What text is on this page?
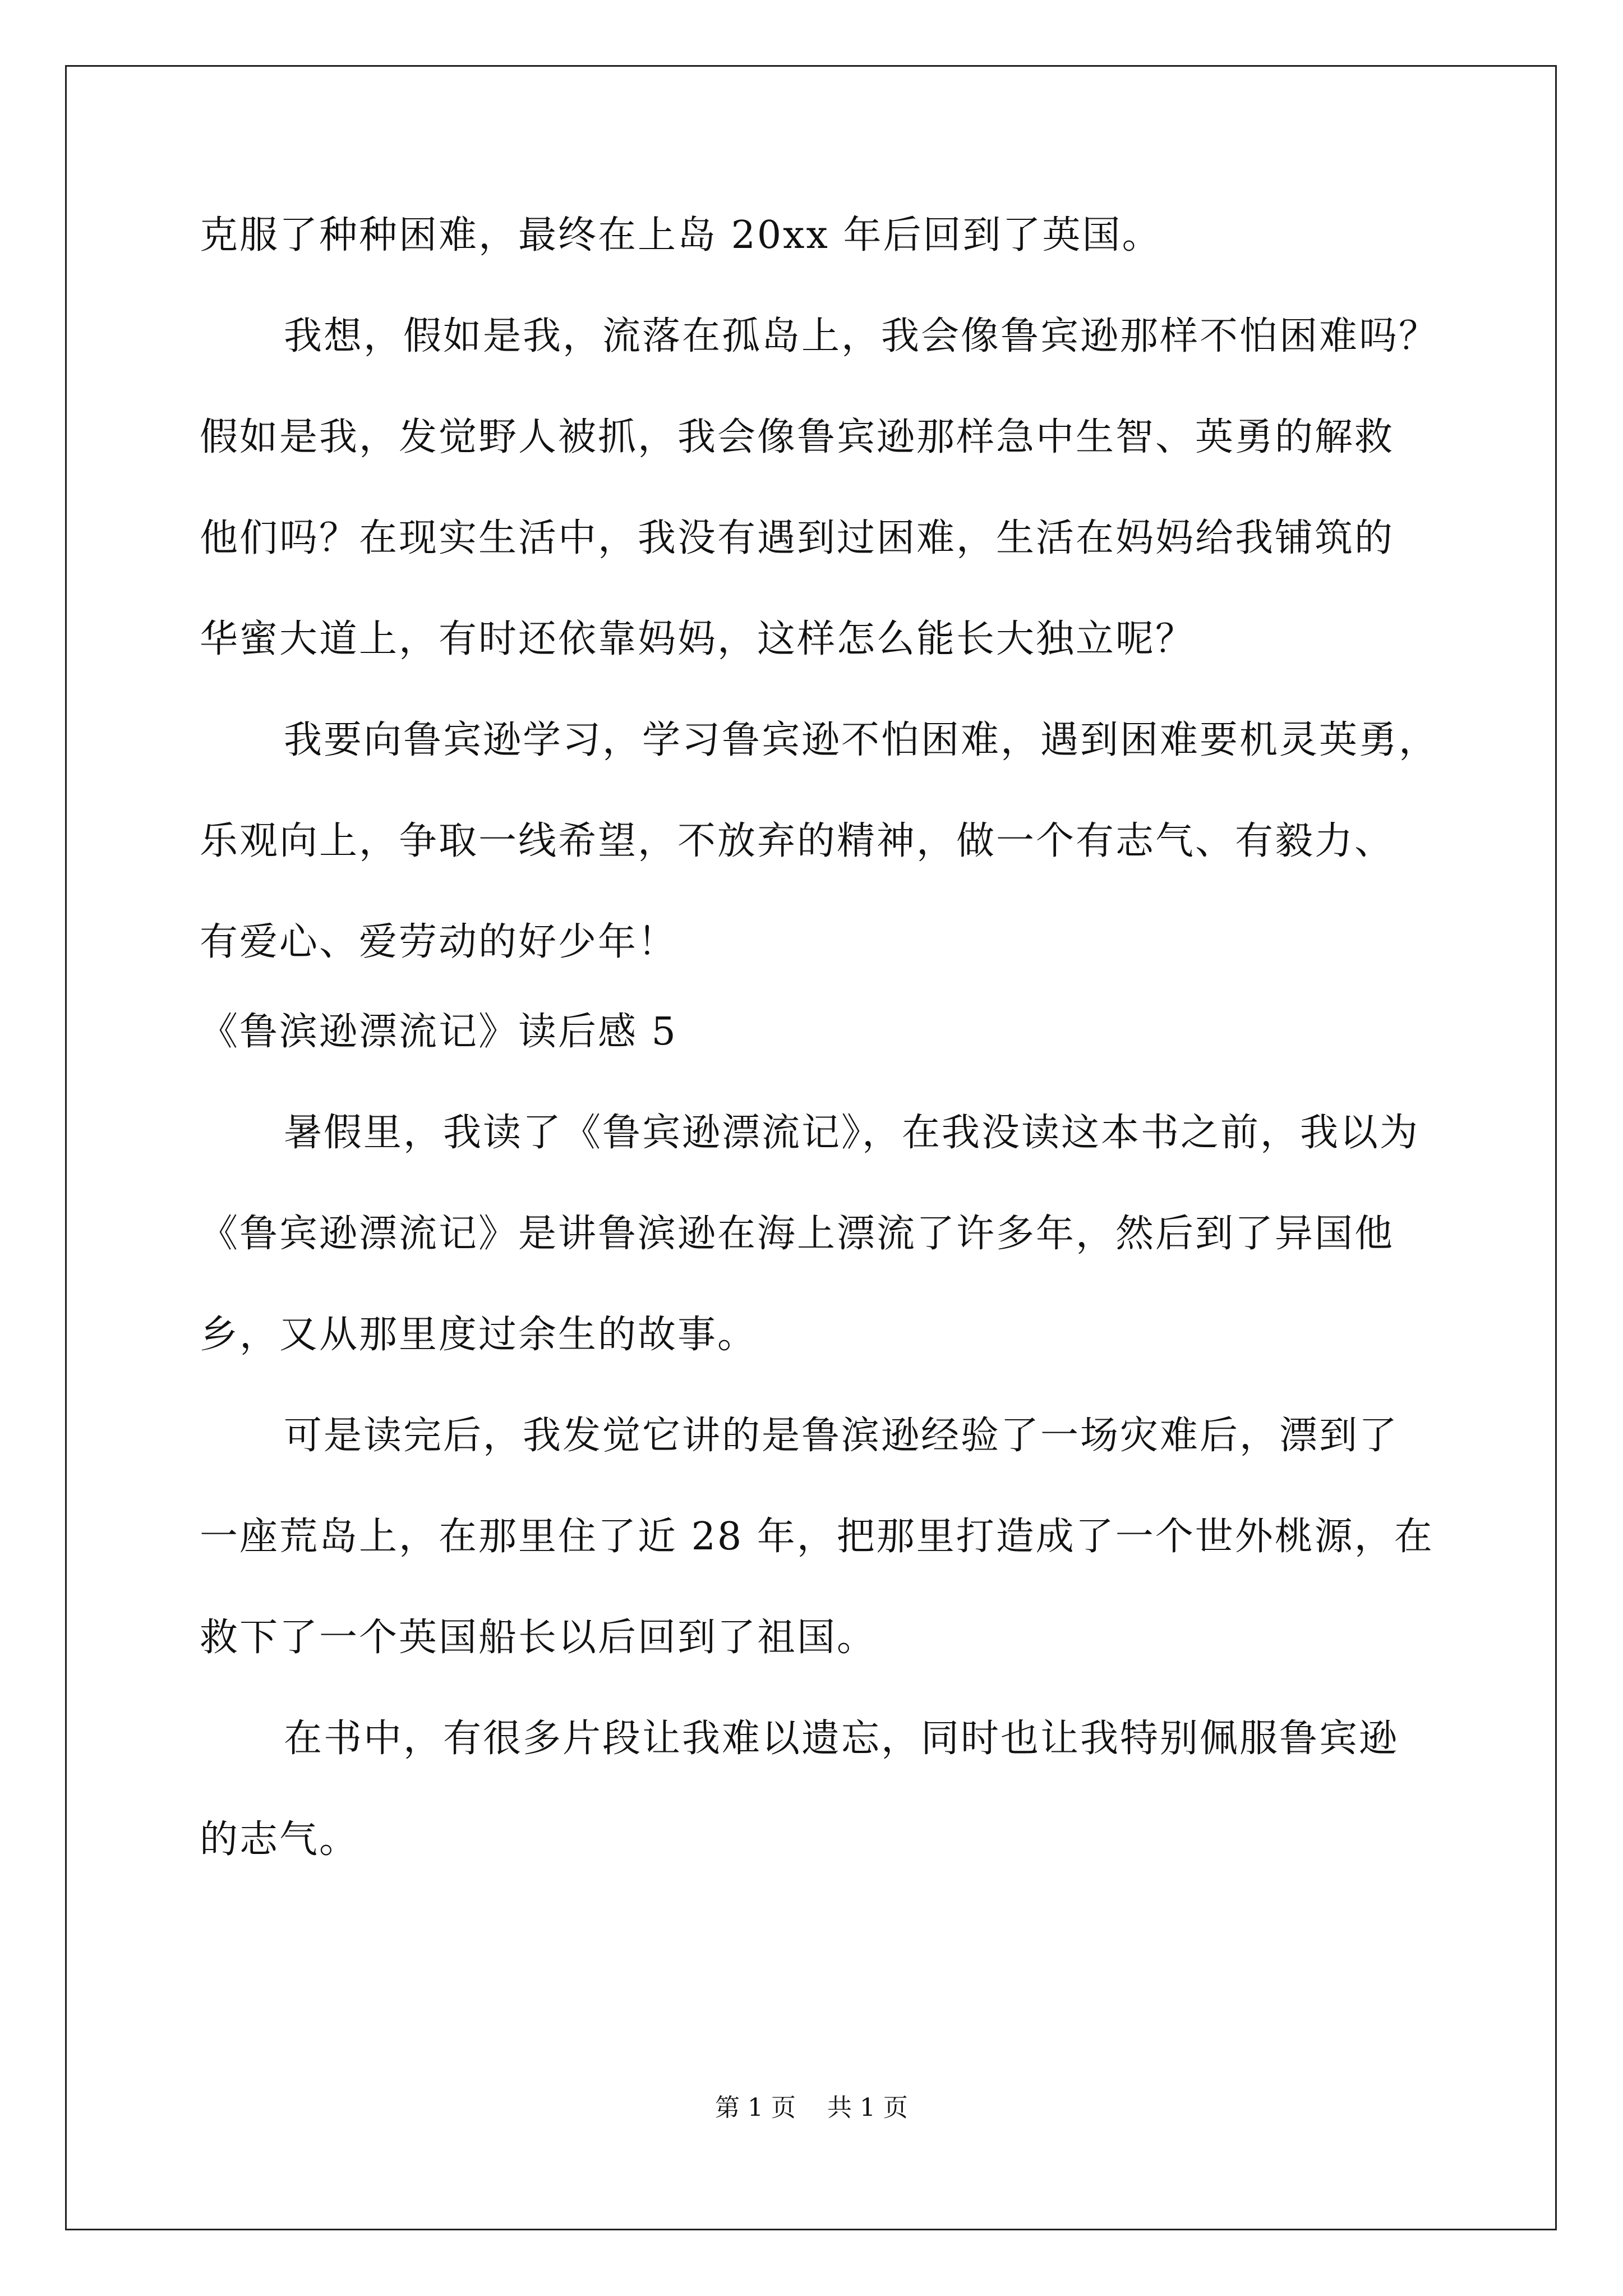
克服了种种困难，最终在上岛 20xx 年后回到了英国。
我想，假如是我，流落在孤岛上，我会像鲁宾逊那样不怕困难吗？
假如是我，发觉野人被抓，我会像鲁宾逊那样急中生智、英勇的解救
他们吗？在现实生活中，我没有遇到过困难，生活在妈妈给我铺筑的
华蜜大道上，有时还依靠妈妈，这样怎么能长大独立呢？
我要向鲁宾逊学习，学习鲁宾逊不怕困难，遇到困难要机灵英勇，
乐观向上，争取一线希望，不放弃的精神，做一个有志气、有毅力、
有爱心、爱劳动的好少年！
《鲁滨逊漂流记》读后感 5
暑假里，我读了《鲁宾逊漂流记》，在我没读这本书之前，我以为
《鲁宾逊漂流记》是讲鲁滨逊在海上漂流了许多年，然后到了异国他
乡，又从那里度过余生的故事。
可是读完后，我发觉它讲的是鲁滨逊经验了一场灾难后，漂到了
一座荒岛上，在那里住了近 28 年，把那里打造成了一个世外桃源，在
救下了一个英国船长以后回到了祖国。
在书中，有很多片段让我难以遗忘，同时也让我特别佩服鲁宾逊
的志气。
第 1 页    共 1 页
